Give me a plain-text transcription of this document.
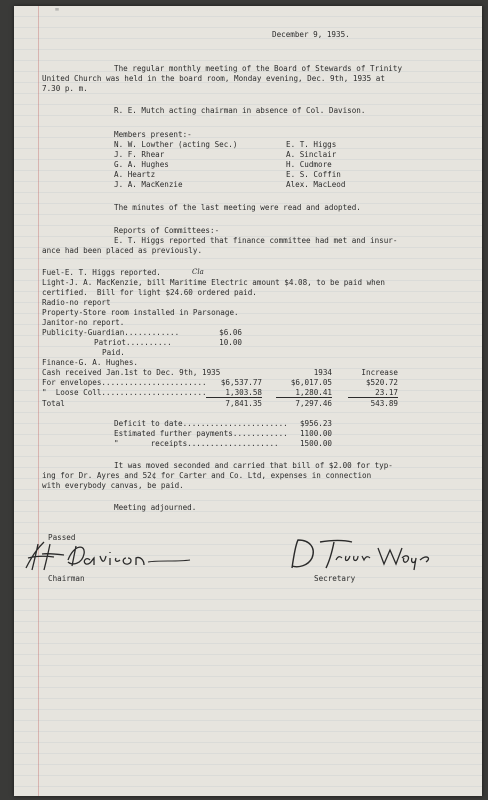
"
December 9, 1935.
The regular monthly meeting of the Board of Stewards of Trinity
United Church was held in the board room, Monday evening, Dec. 9th, 1935 at
7.30 p. m.
R. E. Mutch acting chairman in absence of Col. Davison.
Members present:-
N. W. Lowther (acting Sec.)
J. F. Rhear
G. A. Hughes
A. Heartz
J. A. MacKenzie
E. T. Higgs
A. Sinclair
H. Cudmore
E. S. Coffin
Alex. MacLeod
The minutes of the last meeting were read and adopted.
Reports of Committees:-
E. T. Higgs reported that finance committee had met and insur-
ance had been placed as previously.
Fuel-E. T. Higgs reported.	Cla
Light-J. A. MacKenzie, bill Maritime Electric amount $4.08, to be paid when
certified.  Bill for light $24.60 ordered paid.
Radio-no report
Property-Store room installed in Parsonage.
Janitor-no report.
Publicity-Guardian............	$6.06
Patriot..........	10.00
Paid.
Finance-G. A. Hughes.
Cash received Jan.1st to Dec. 9th, 1935	1934	Increase
For envelopes.......................	$6,537.77	$6,017.05	$520.72
"  Loose Coll.......................	1,303.58	1,280.41	23.17
Total	7,841.35	7,297.46	543.89
Deficit to date.......................	$956.23
Estimated further payments............	1100.00
"       receipts....................	1500.00
It was moved seconded and carried that bill of $2.00 for typ-
ing for Dr. Ayres and 52¢ for Carter and Co. Ltd, expenses in connection
with everybody canvas, be paid.
Meeting adjourned.
Passed
Chairman	Secretary
